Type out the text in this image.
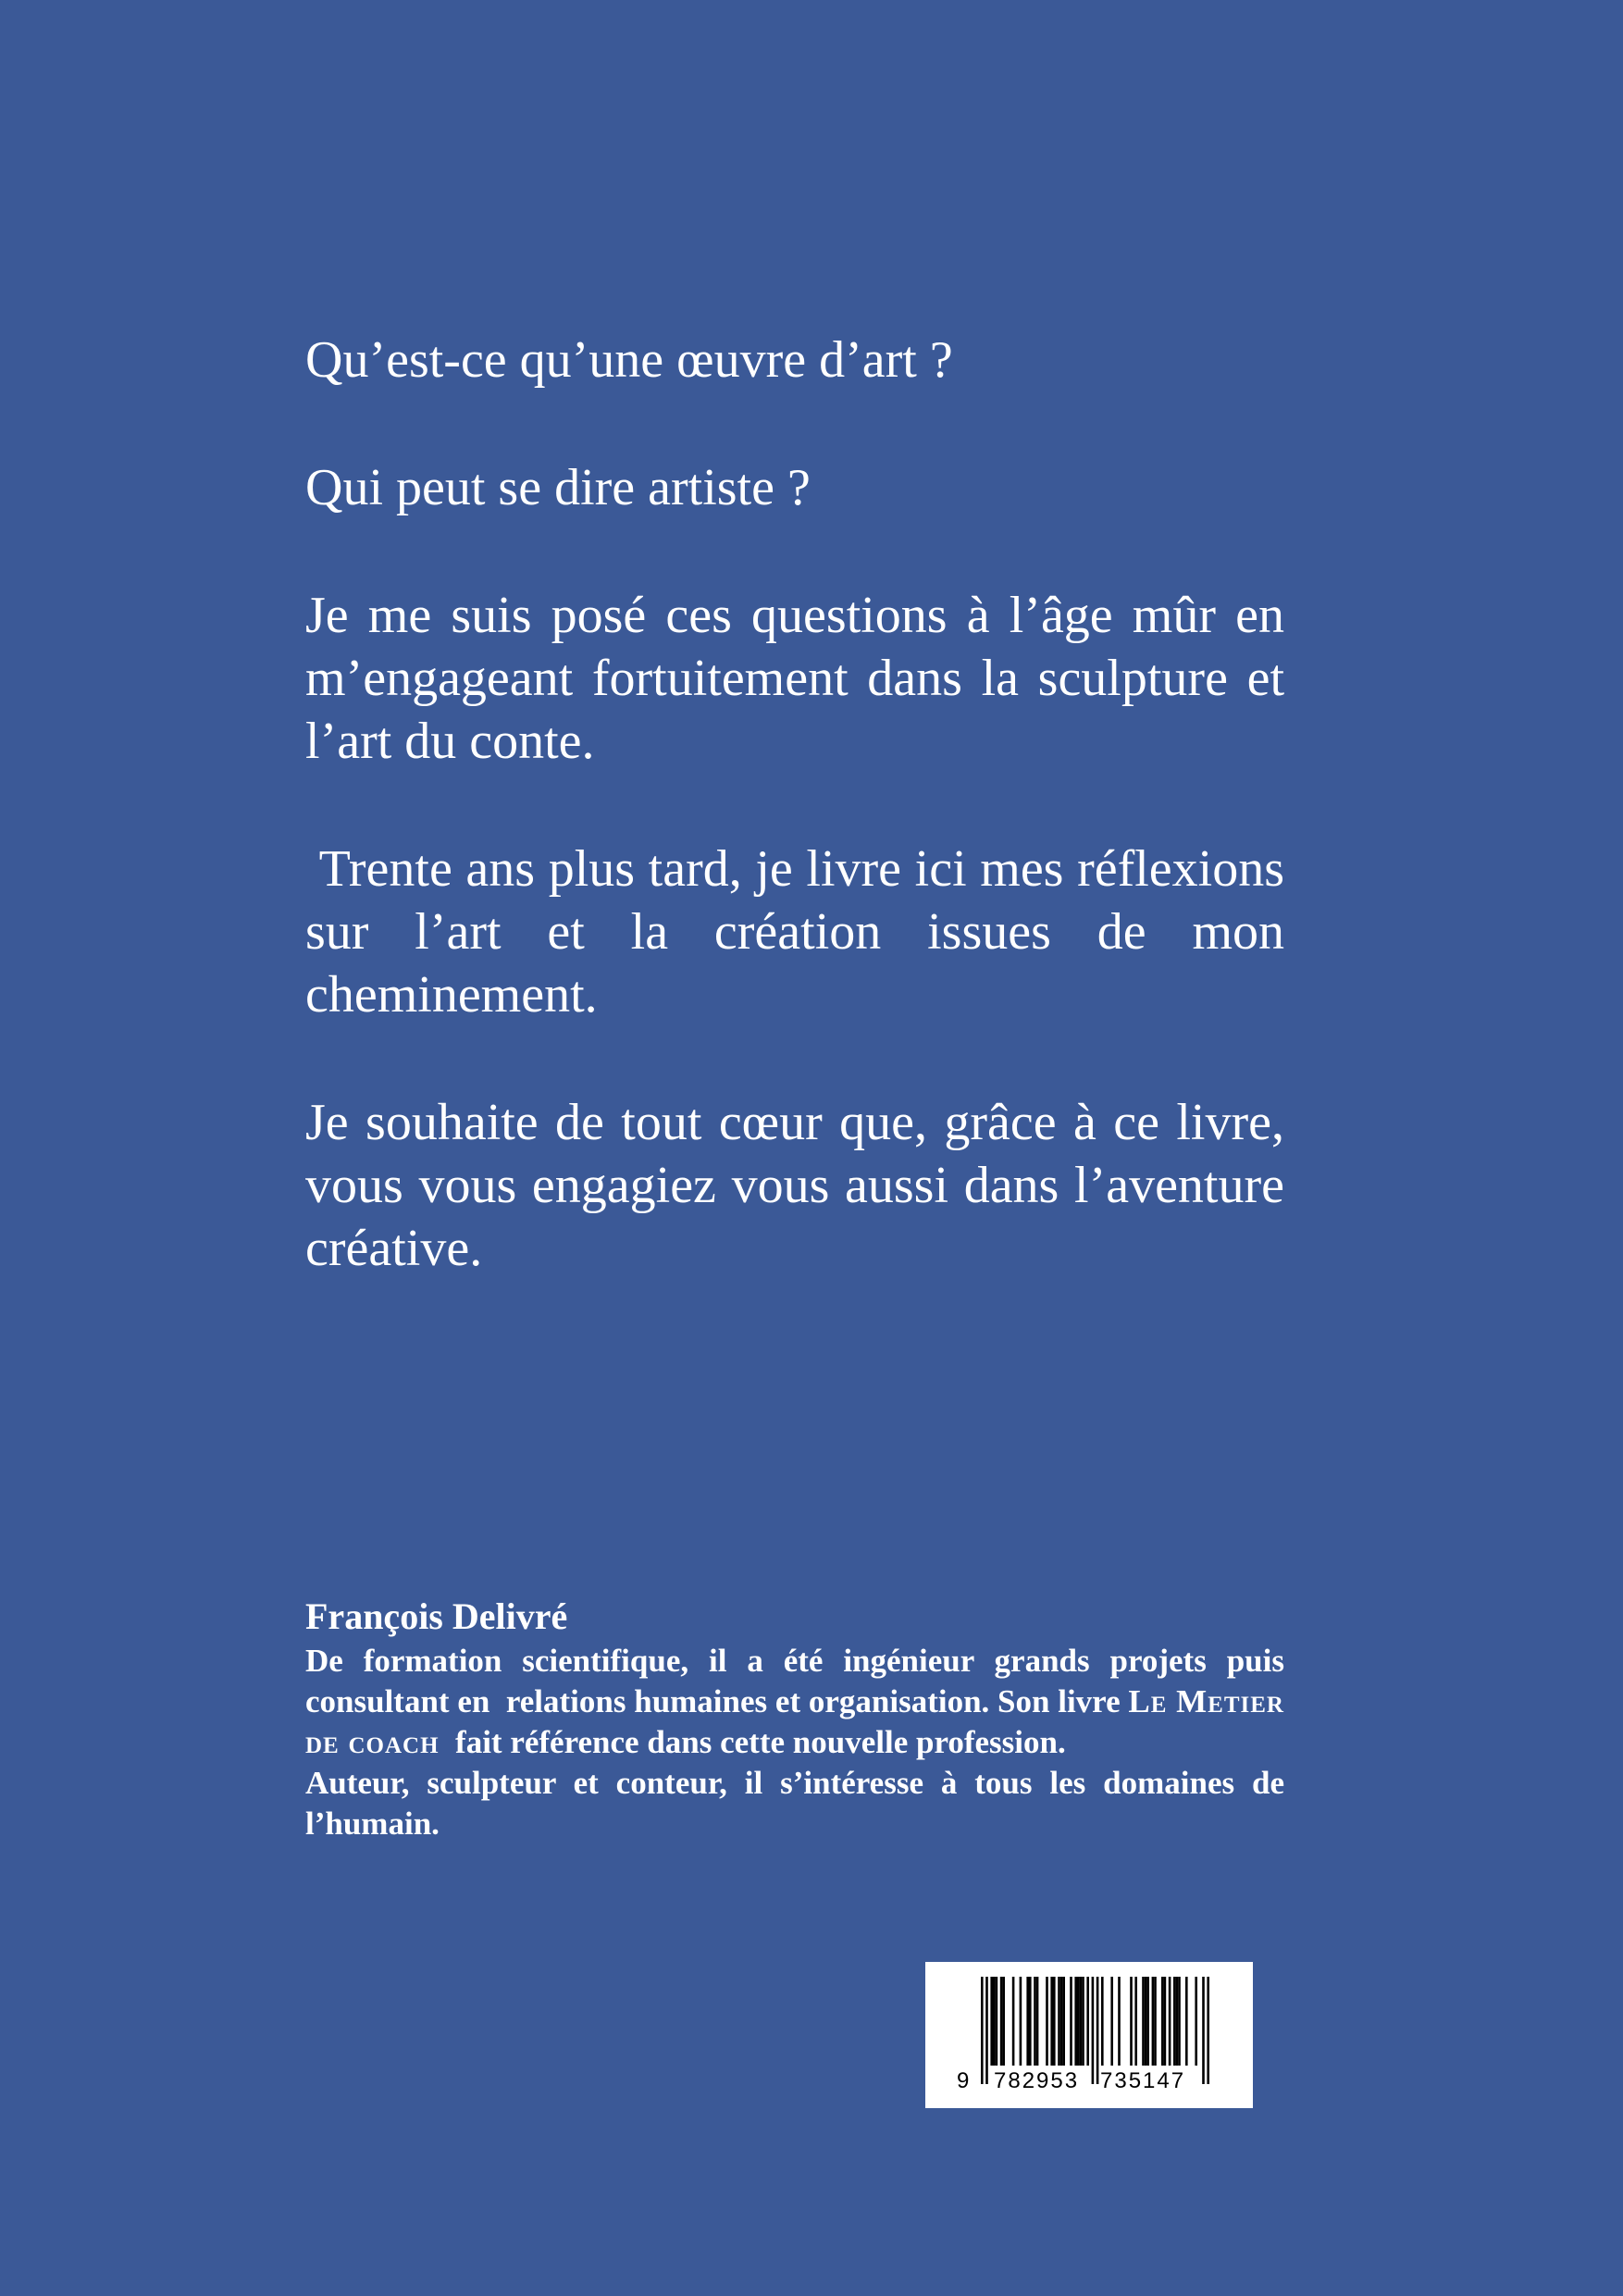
Qu’est-ce qu’une œuvre d’art ?

Qui peut se dire artiste ?

Je me suis posé ces questions à l’âge mûr en m’engageant fortuitement dans la sculpture et l’art du conte.

Trente ans plus tard, je livre ici mes réflexions sur l’art et la création issues de mon cheminement.

Je souhaite de tout cœur que, grâce à ce livre, vous vous engagiez vous aussi dans l’aventure créative.

François Delivré

De formation scientifique, il a été ingénieur grands projets puis consultant en  relations humaines et organisation. Son livre Le Metier de coach  fait référence dans cette nouvelle profession.

Auteur, sculpteur et conteur, il s’intéresse à tous les domaines de l’humain.

9 782953 735147
